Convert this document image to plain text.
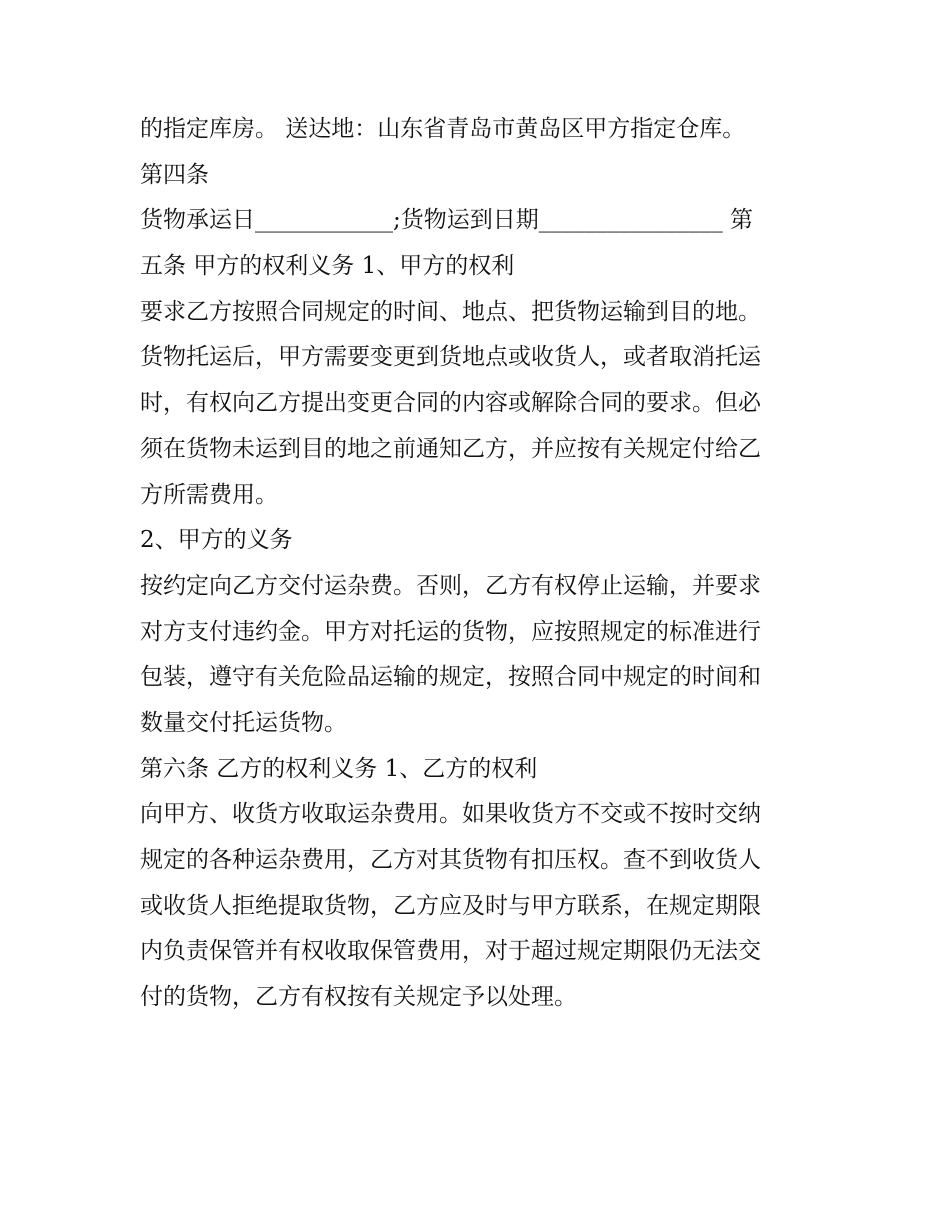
的指定库房。 送达地：山东省青岛市黄岛区甲方指定仓库。
第四条
货物承运日____________;货物运到日期________________ 第
五条 甲方的权利义务 1、甲方的权利
要求乙方按照合同规定的时间、地点、把货物运输到目的地。
货物托运后，甲方需要变更到货地点或收货人，或者取消托运
时，有权向乙方提出变更合同的内容或解除合同的要求。但必
须在货物未运到目的地之前通知乙方，并应按有关规定付给乙
方所需费用。
2、甲方的义务
按约定向乙方交付运杂费。否则，乙方有权停止运输，并要求
对方支付违约金。甲方对托运的货物，应按照规定的标准进行
包装，遵守有关危险品运输的规定，按照合同中规定的时间和
数量交付托运货物。
第六条 乙方的权利义务 1、乙方的权利
向甲方、收货方收取运杂费用。如果收货方不交或不按时交纳
规定的各种运杂费用，乙方对其货物有扣压权。查不到收货人
或收货人拒绝提取货物，乙方应及时与甲方联系，在规定期限
内负责保管并有权收取保管费用，对于超过规定期限仍无法交
付的货物，乙方有权按有关规定予以处理。
